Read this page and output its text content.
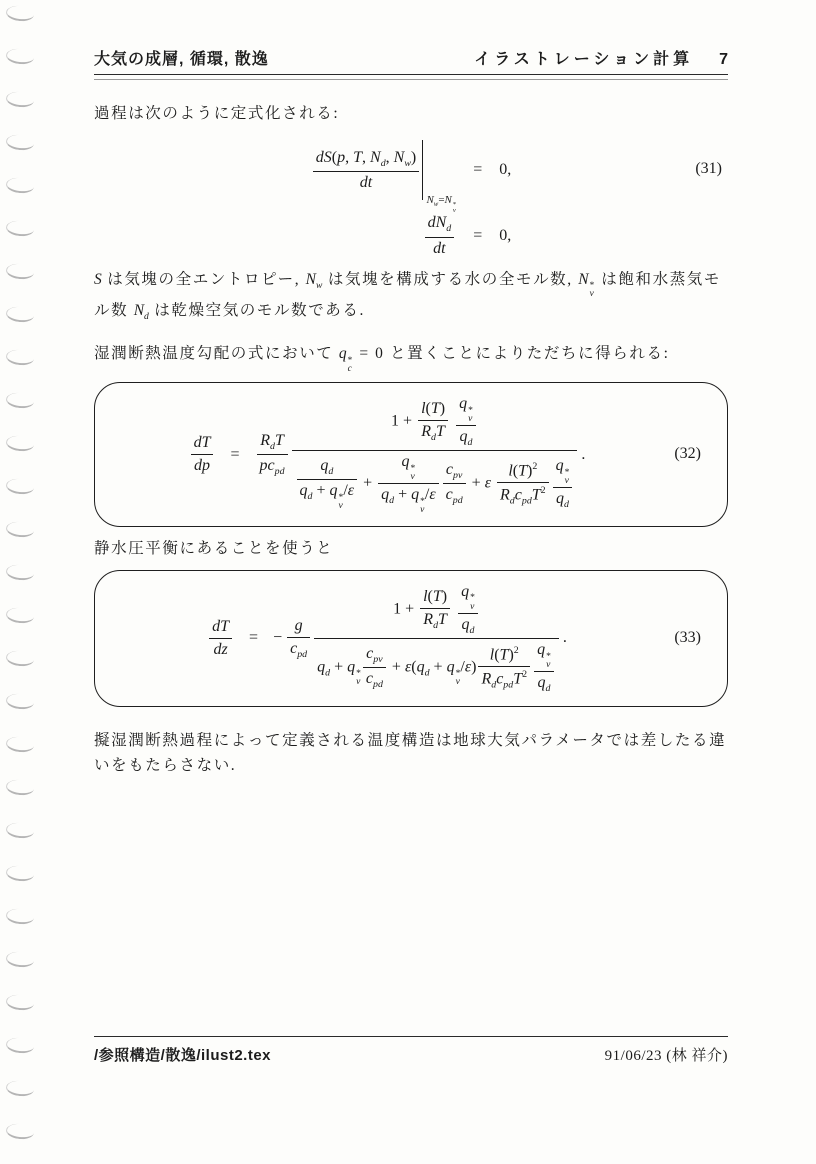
大気の成層, 循環, 散逸	イラストレーション計算 7
過程は次のように定式化される:
$\frac{dS(p, T, N_d, N_w)}{dt}$
$N_w=N$ *
v
= 0,
$dN_d$
dt
= 0,
(31)
S は気塊の全エントロピー, $N_w$ は気塊を構成する水の全モル数, N *
v
は飽和水蒸気モル数 $N_d$ は乾燥空気のモル数である.
湿潤断熱温度勾配の式において q *
c
= 0 と置くことによりただちに得られる:
$\frac{dT}{dp}$ =
$R_dT$
$pc_{pd}$
1 +
l(T)
$R_dT$
q *
v
$q_d$
$q_d$
$q_d + q$ *
v
/ε + q *
v
$q_d + q$ *
v
/ε $c_{pv}$
$c_{pd}$
+ ε
$l(T)^2$
$R_dc_{pd}T^2$ q *
v
$q_d$
.	(32)
静水圧平衡にあることを使うと
$\frac{dT}{dz}$ = −
g
$c_{pd}$
1 +
l(T)
$R_dT$
q *
v
$q_d$
$q_d + q$ *
v
$c_{pv}$
$c_{pd}$
+ $\varepsilon(q_d + q$ *
v
/ε)
$l(T)^2$
$R_dc_{pd}T^2$ q *
v
$q_d$
.	(33)
擬湿潤断熱過程によって定義される温度構造は地球大気パラメータでは差したる違いをもたらさない.
/参照構造/散逸/ilust2.tex	91/06/23 (林 祥介)
